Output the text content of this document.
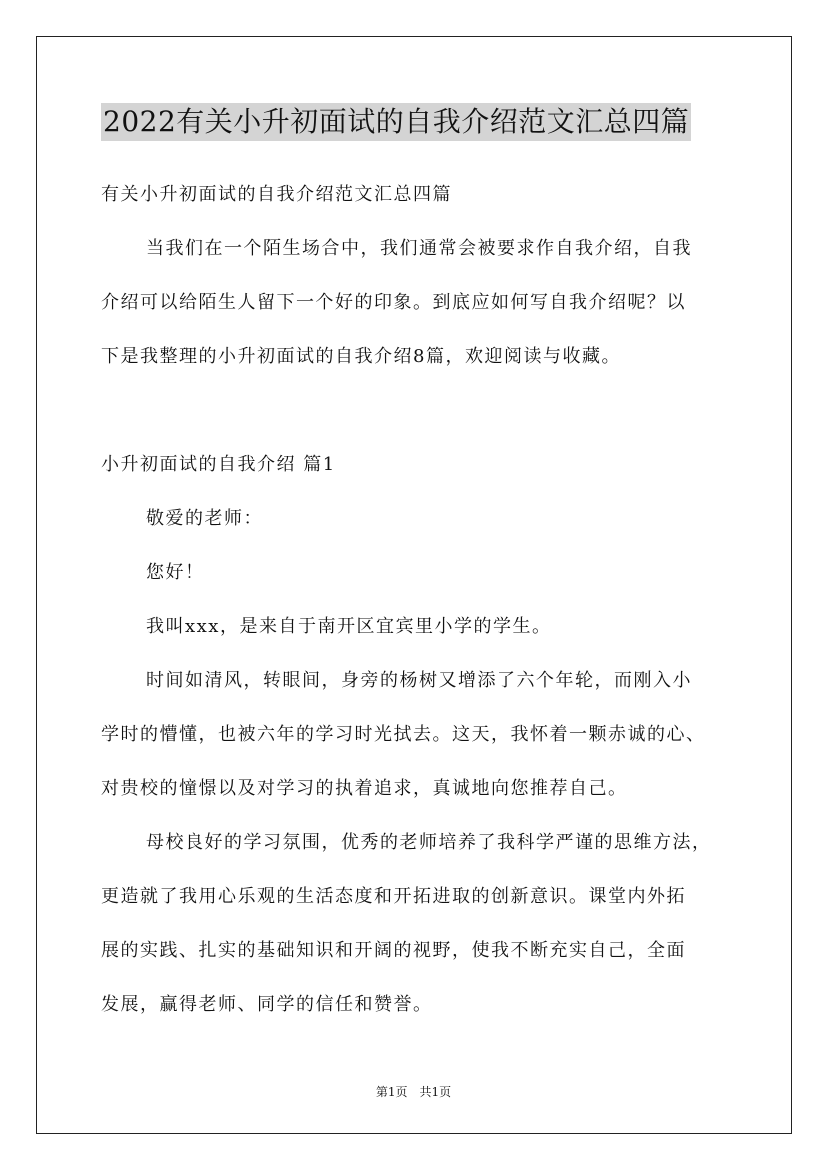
2022有关小升初面试的自我介绍范文汇总四篇
有关小升初面试的自我介绍范文汇总四篇
当我们在一个陌生场合中，我们通常会被要求作自我介绍，自我
介绍可以给陌生人留下一个好的印象。到底应如何写自我介绍呢？以
下是我整理的小升初面试的自我介绍8篇，欢迎阅读与收藏。
小升初面试的自我介绍 篇1
敬爱的老师：
您好！
我叫xxx，是来自于南开区宜宾里小学的学生。
时间如清风，转眼间，身旁的杨树又增添了六个年轮，而刚入小
学时的懵懂，也被六年的学习时光拭去。这天，我怀着一颗赤诚的心、
对贵校的憧憬以及对学习的执着追求，真诚地向您推荐自己。
母校良好的学习氛围，优秀的老师培养了我科学严谨的思维方法，
更造就了我用心乐观的生活态度和开拓进取的创新意识。课堂内外拓
展的实践、扎实的基础知识和开阔的视野，使我不断充实自己，全面
发展，赢得老师、同学的信任和赞誉。
第1页　共1页
